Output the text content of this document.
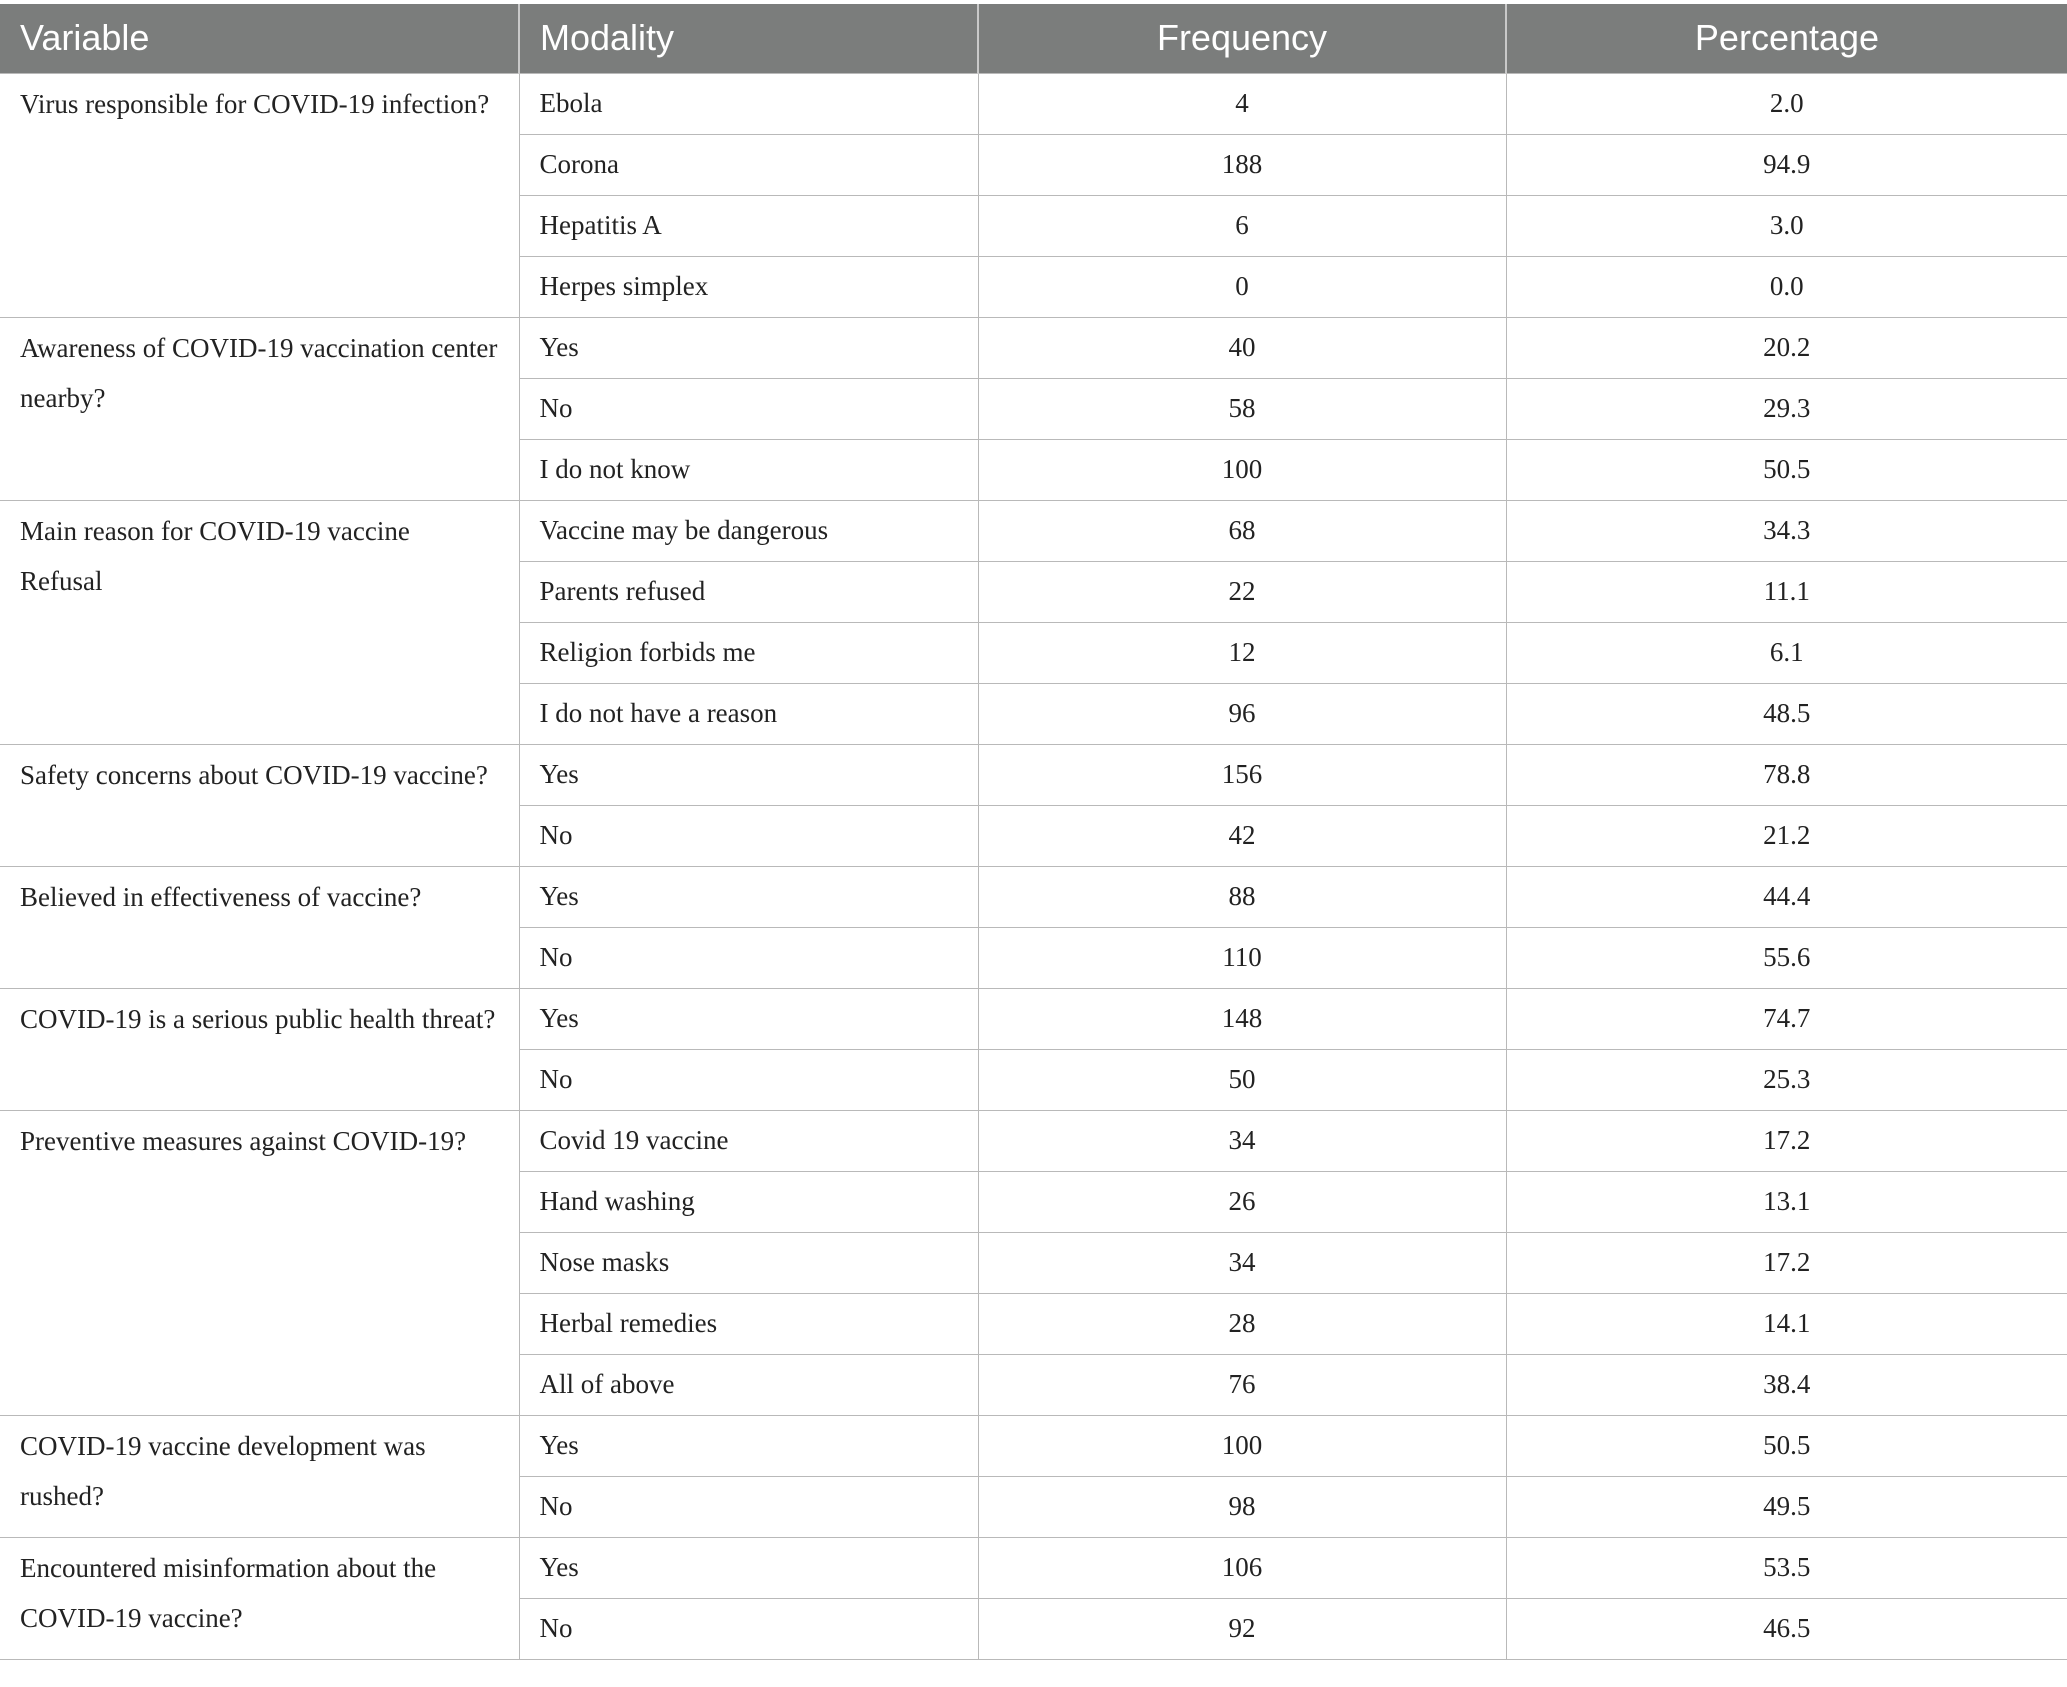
Variable	Modality	Frequency	Percentage
Virus responsible for COVID-19 infection?	Ebola	4	2.0
	Corona	188	94.9
	Hepatitis A	6	3.0
	Herpes simplex	0	0.0
Awareness of COVID-19 vaccination center nearby?	Yes	40	20.2
	No	58	29.3
	I do not know	100	50.5
Main reason for COVID-19 vaccine Refusal	Vaccine may be dangerous	68	34.3
	Parents refused	22	11.1
	Religion forbids me	12	6.1
	I do not have a reason	96	48.5
Safety concerns about COVID-19 vaccine?	Yes	156	78.8
	No	42	21.2
Believed in effectiveness of vaccine?	Yes	88	44.4
	No	110	55.6
COVID-19 is a serious public health threat?	Yes	148	74.7
	No	50	25.3
Preventive measures against COVID-19?	Covid 19 vaccine	34	17.2
	Hand washing	26	13.1
	Nose masks	34	17.2
	Herbal remedies	28	14.1
	All of above	76	38.4
COVID-19 vaccine development was rushed?	Yes	100	50.5
	No	98	49.5
Encountered misinformation about the COVID-19 vaccine?	Yes	106	53.5
	No	92	46.5
